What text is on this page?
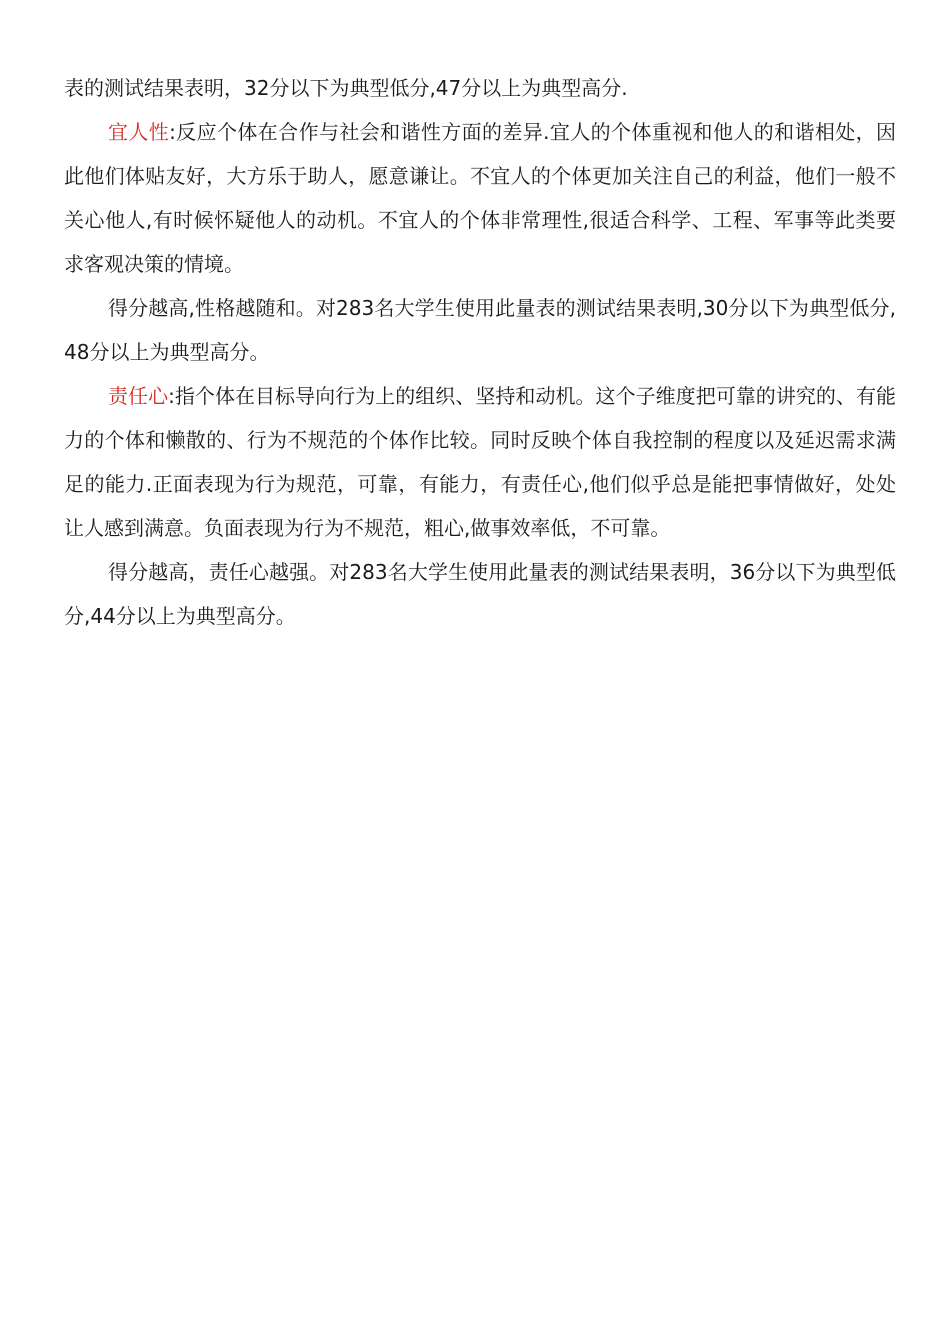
表的测试结果表明，32分以下为典型低分,47分以上为典型高分.

宜人性:反应个体在合作与社会和谐性方面的差异.宜人的个体重视和他人的和谐相处，因此他们体贴友好，大方乐于助人，愿意谦让。不宜人的个体更加关注自己的利益，他们一般不关心他人,有时候怀疑他人的动机。不宜人的个体非常理性,很适合科学、工程、军事等此类要求客观决策的情境。

得分越高,性格越随和。对283名大学生使用此量表的测试结果表明,30分以下为典型低分,48分以上为典型高分。

责任心:指个体在目标导向行为上的组织、坚持和动机。这个子维度把可靠的讲究的、有能力的个体和懒散的、行为不规范的个体作比较。同时反映个体自我控制的程度以及延迟需求满足的能力.正面表现为行为规范，可靠，有能力，有责任心,他们似乎总是能把事情做好，处处让人感到满意。负面表现为行为不规范，粗心,做事效率低，不可靠。

得分越高，责任心越强。对283名大学生使用此量表的测试结果表明，36分以下为典型低分,44分以上为典型高分。
